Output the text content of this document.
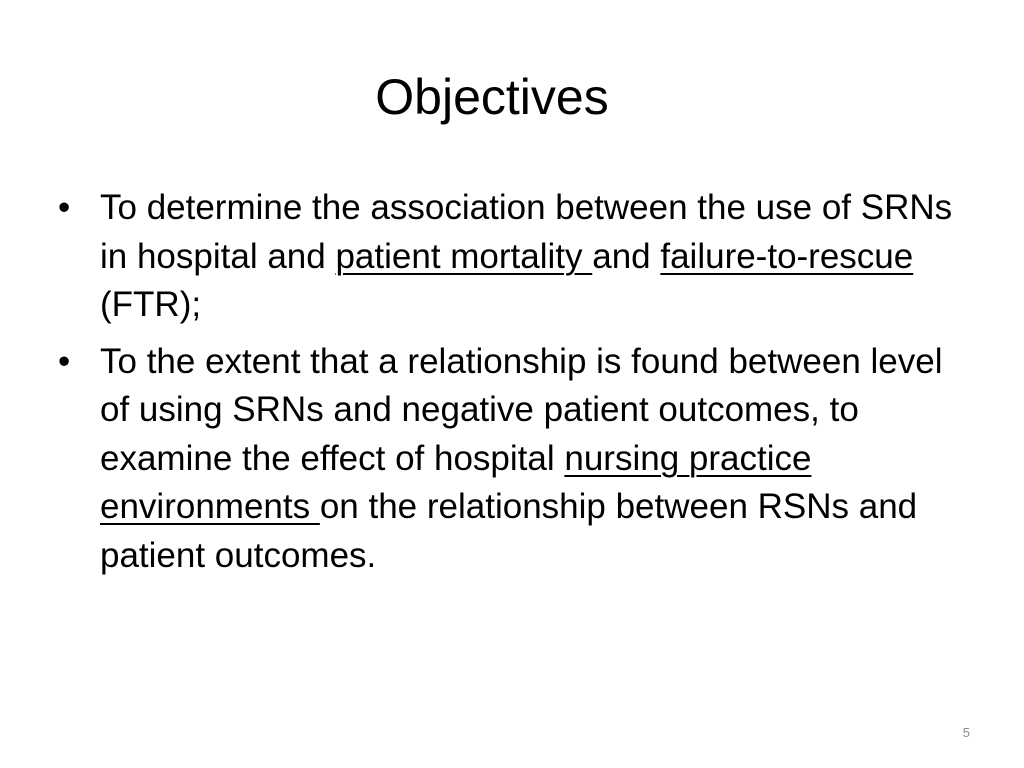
Objectives
• To determine the association between the use of SRNs in hospital and patient mortality and failure-to-rescue (FTR);
• To the extent that a relationship is found between level of using SRNs and negative patient outcomes, to examine the effect of hospital nursing practice environments on the relationship between RSNs and patient outcomes.
5
